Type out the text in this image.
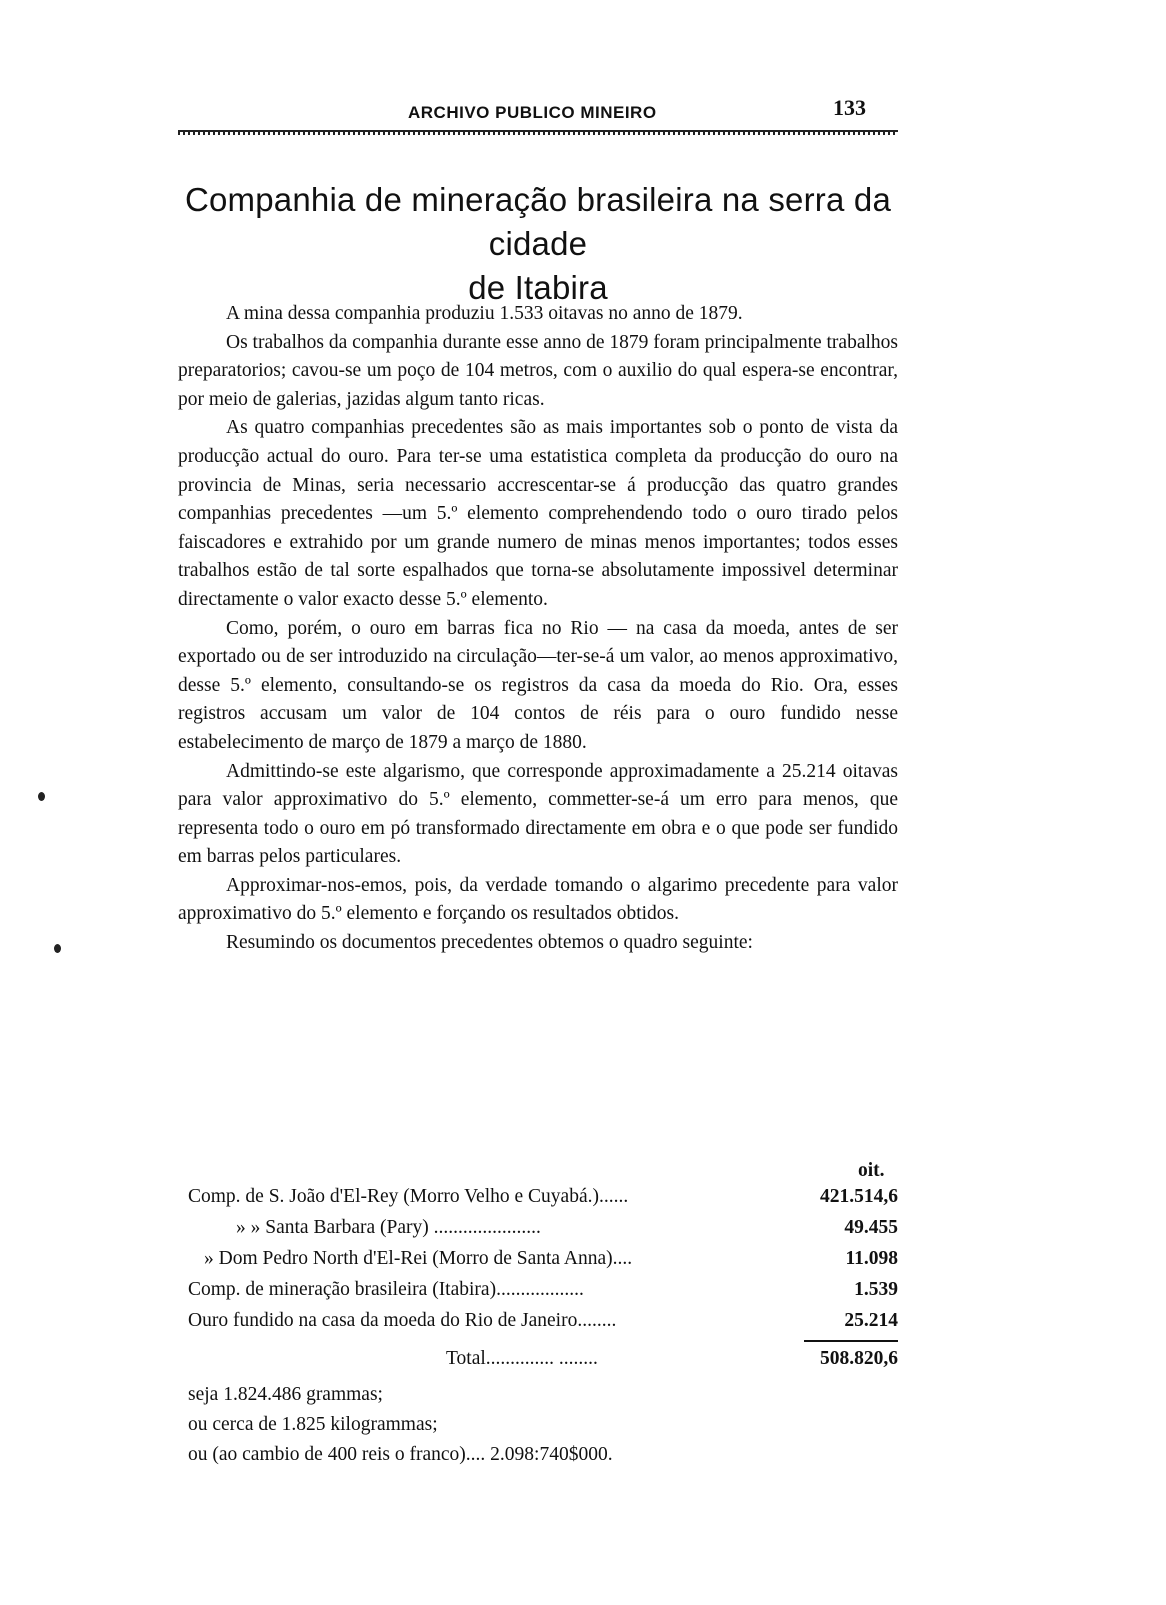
ARCHIVO PUBLICO MINEIRO	133
Companhia de mineração brasileira na serra da cidade
de Itabira

A mina dessa companhia produziu 1.533 oitavas no anno de 1879.

Os trabalhos da companhia durante esse anno de 1879 foram principalmente trabalhos preparatorios; cavou-se um poço de 104 metros, com o auxilio do qual espera-se encontrar, por meio de galerias, jazidas algum tanto ricas.

As quatro companhias precedentes são as mais importantes sob o ponto de vista da producção actual do ouro. Para ter-se uma estatistica completa da producção do ouro na provincia de Minas, seria necessario accrescentar-se á producção das quatro grandes companhias precedentes —um 5.º elemento comprehendendo todo o ouro tirado pelos faiscadores e extrahido por um grande numero de minas menos importantes; todos esses trabalhos estão de tal sorte espalhados que torna-se absolutamente impossivel determinar directamente o valor exacto desse 5.º elemento.

Como, porém, o ouro em barras fica no Rio — na casa da moeda, antes de ser exportado ou de ser introduzido na circulação—ter-se-á um valor, ao menos approximativo, desse 5.º elemento, consultando-se os registros da casa da moeda do Rio. Ora, esses registros accusam um valor de 104 contos de réis para o ouro fundido nesse estabelecimento de março de 1879 a março de 1880.

Admittindo-se este algarismo, que corresponde approximadamente a 25.214 oitavas para valor approximativo do 5.º elemento, commetter-se-á um erro para menos, que representa todo o ouro em pó transformado directamente em obra e o que pode ser fundido em barras pelos particulares.

Approximar-nos-emos, pois, da verdade tomando o algarimo precedente para valor approximativo do 5.º elemento e forçando os resultados obtidos.

Resumindo os documentos precedentes obtemos o quadro seguinte:

oit.
Comp. de S. João d'El-Rey (Morro Velho e Cuyabá.)......	421.514,6
» » Santa Barbara (Pary) ......................	49.455
» Dom Pedro North d'El-Rei (Morro de Santa Anna)....	11.098
Comp. de mineração brasileira (Itabira)..................	1.539
Ouro fundido na casa da moeda do Rio de Janeiro........	25.214
Total.............. ........	508.820,6
seja 1.824.486 grammas;
ou cerca de 1.825 kilogrammas;
ou (ao cambio de 400 reis o franco).... 2.098:740$000.
